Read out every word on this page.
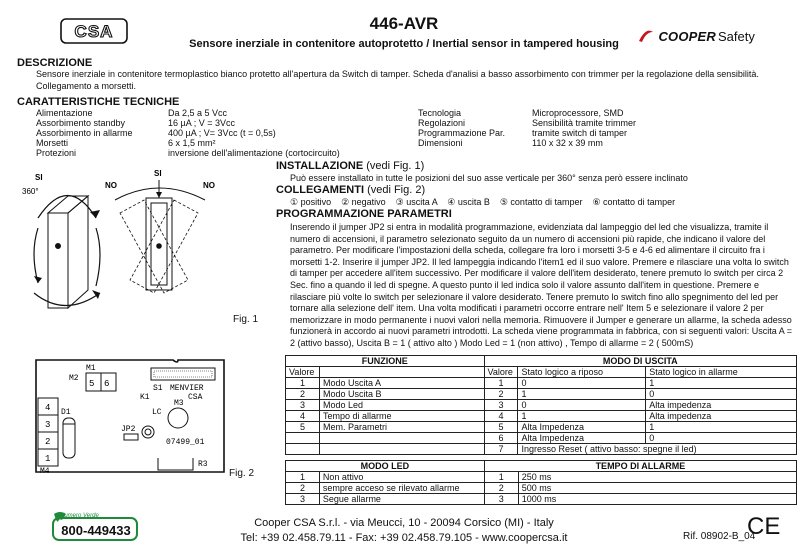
CSA	446-AVR
Sensore inerziale in contenitore autoprotetto / Inertial sensor in tampered housing	COOPER Safety
DESCRIZIONE
Sensore inerziale in contenitore termoplastico bianco protetto all'apertura da Switch di tamper. Scheda d'analisi a basso assorbimento con trimmer per la regolazione della sensibilità. Collegamento a morsetti.
CARATTERISTICHE TECNICHE
Alimentazione	Da 2,5 a 5 Vcc
Assorbimento standby	16 µA ; V = 3Vcc
Assorbimento in allarme	400 µA ; V= 3Vcc (t = 0,5s)
Morsetti	6 x 1,5 mm²
Protezioni	inversione dell'alimentazione (cortocircuito)
Tecnologia	Microprocessore, SMD
Regolazioni	Sensibilità tramite trimmer
Programmazione Par.	tramite switch di tamper
Dimensioni	110 x 32 x 39 mm
INSTALLAZIONE (vedi Fig. 1)
Può essere installato in tutte le posizioni del suo asse verticale per 360° senza però essere inclinato
COLLEGAMENTI (vedi Fig. 2)
① positivo    ② negativo    ③ uscita A    ④ uscita B    ⑤ contatto di tamper    ⑥ contatto di tamper
PROGRAMMAZIONE PARAMETRI
Inserendo il jumper JP2 si entra in modalità programmazione, evidenziata dal lampeggio del led che visualizza, tramite il numero di accensioni, il parametro selezionato seguito da un numero di accensioni più rapide, che indicano il valore del parametro. Per modificare l'impostazioni della scheda, collegare fra loro i morsetti 3-5 e 4-6 ed alimentare il circuito fra i morsetti 1-2. Inserire il jumper JP2. Il led lampeggia indicando l'item1 ed il suo valore. Premere e rilasciare una volta lo switch di tamper per accedere all'item successivo. Per modificare il valore dell'item desiderato, tenere premuto lo switch per circa 2 Sec. fino a quando il led di spegne. A questo punto il led indica solo il valore assunto dall'item in questione. Premere e rilasciare più volte lo switch per selezionare il valore desiderato. Tenere premuto lo switch fino allo spegnimento del led per tornare alla selezione dell' item. Una volta modificati i parametri occorre entrare nell' Item 5 e selezionare il valore 2 per memorizzare in modo permanente i nuovi valori nella memoria. Rimuovere il Jumper e generare un allarme, la scheda adesso funzionerà in accordo ai nuovi parametri introdotti. La scheda viene programmata in fabbrica, con si seguenti valori: Uscita A = 2 (attivo basso), Uscita B = 1 ( attivo alto ) Modo Led = 1 (non attivo) , Tempo di allarme = 2 ( 500mS)
SI
360°
SI
NO	NO
Fig. 1
5 6
M2
M1
S1 MENVIER
CSA
K1
M3
4
3
2
1
D1
M4
LC
JP2
07499_01
R3
Fig. 2
FUNZIONE		MODO DI USCITA		
Valore		Valore	Stato logico a riposo	Stato logico in allarme
1	Modo Uscita A	1	0	1
2	Modo Uscita B	2	1	0
3	Modo Led	3	0	Alta impedenza
4	Tempo di allarme	4	1	Alta impedenza
5	Mem. Parametri	5	Alta Impedenza	1
		6	Alta Impedenza	0
		7	Ingresso Reset ( attivo basso: spegne il led)	
MODO LED		TEMPO DI ALLARME	
1	Non attivo	1	250 ms
2	sempre acceso se rilevato allarme	2	500 ms
3	Segue allarme	3	1000 ms
Numero Verde
800-449433	Cooper CSA S.r.l. - via Meucci, 10 - 20094 Corsico (MI) - Italy
Tel: +39 02.458.79.11 - Fax: +39 02.458.79.105 - www.coopercsa.it	Rif. 08902-B_04
CE
